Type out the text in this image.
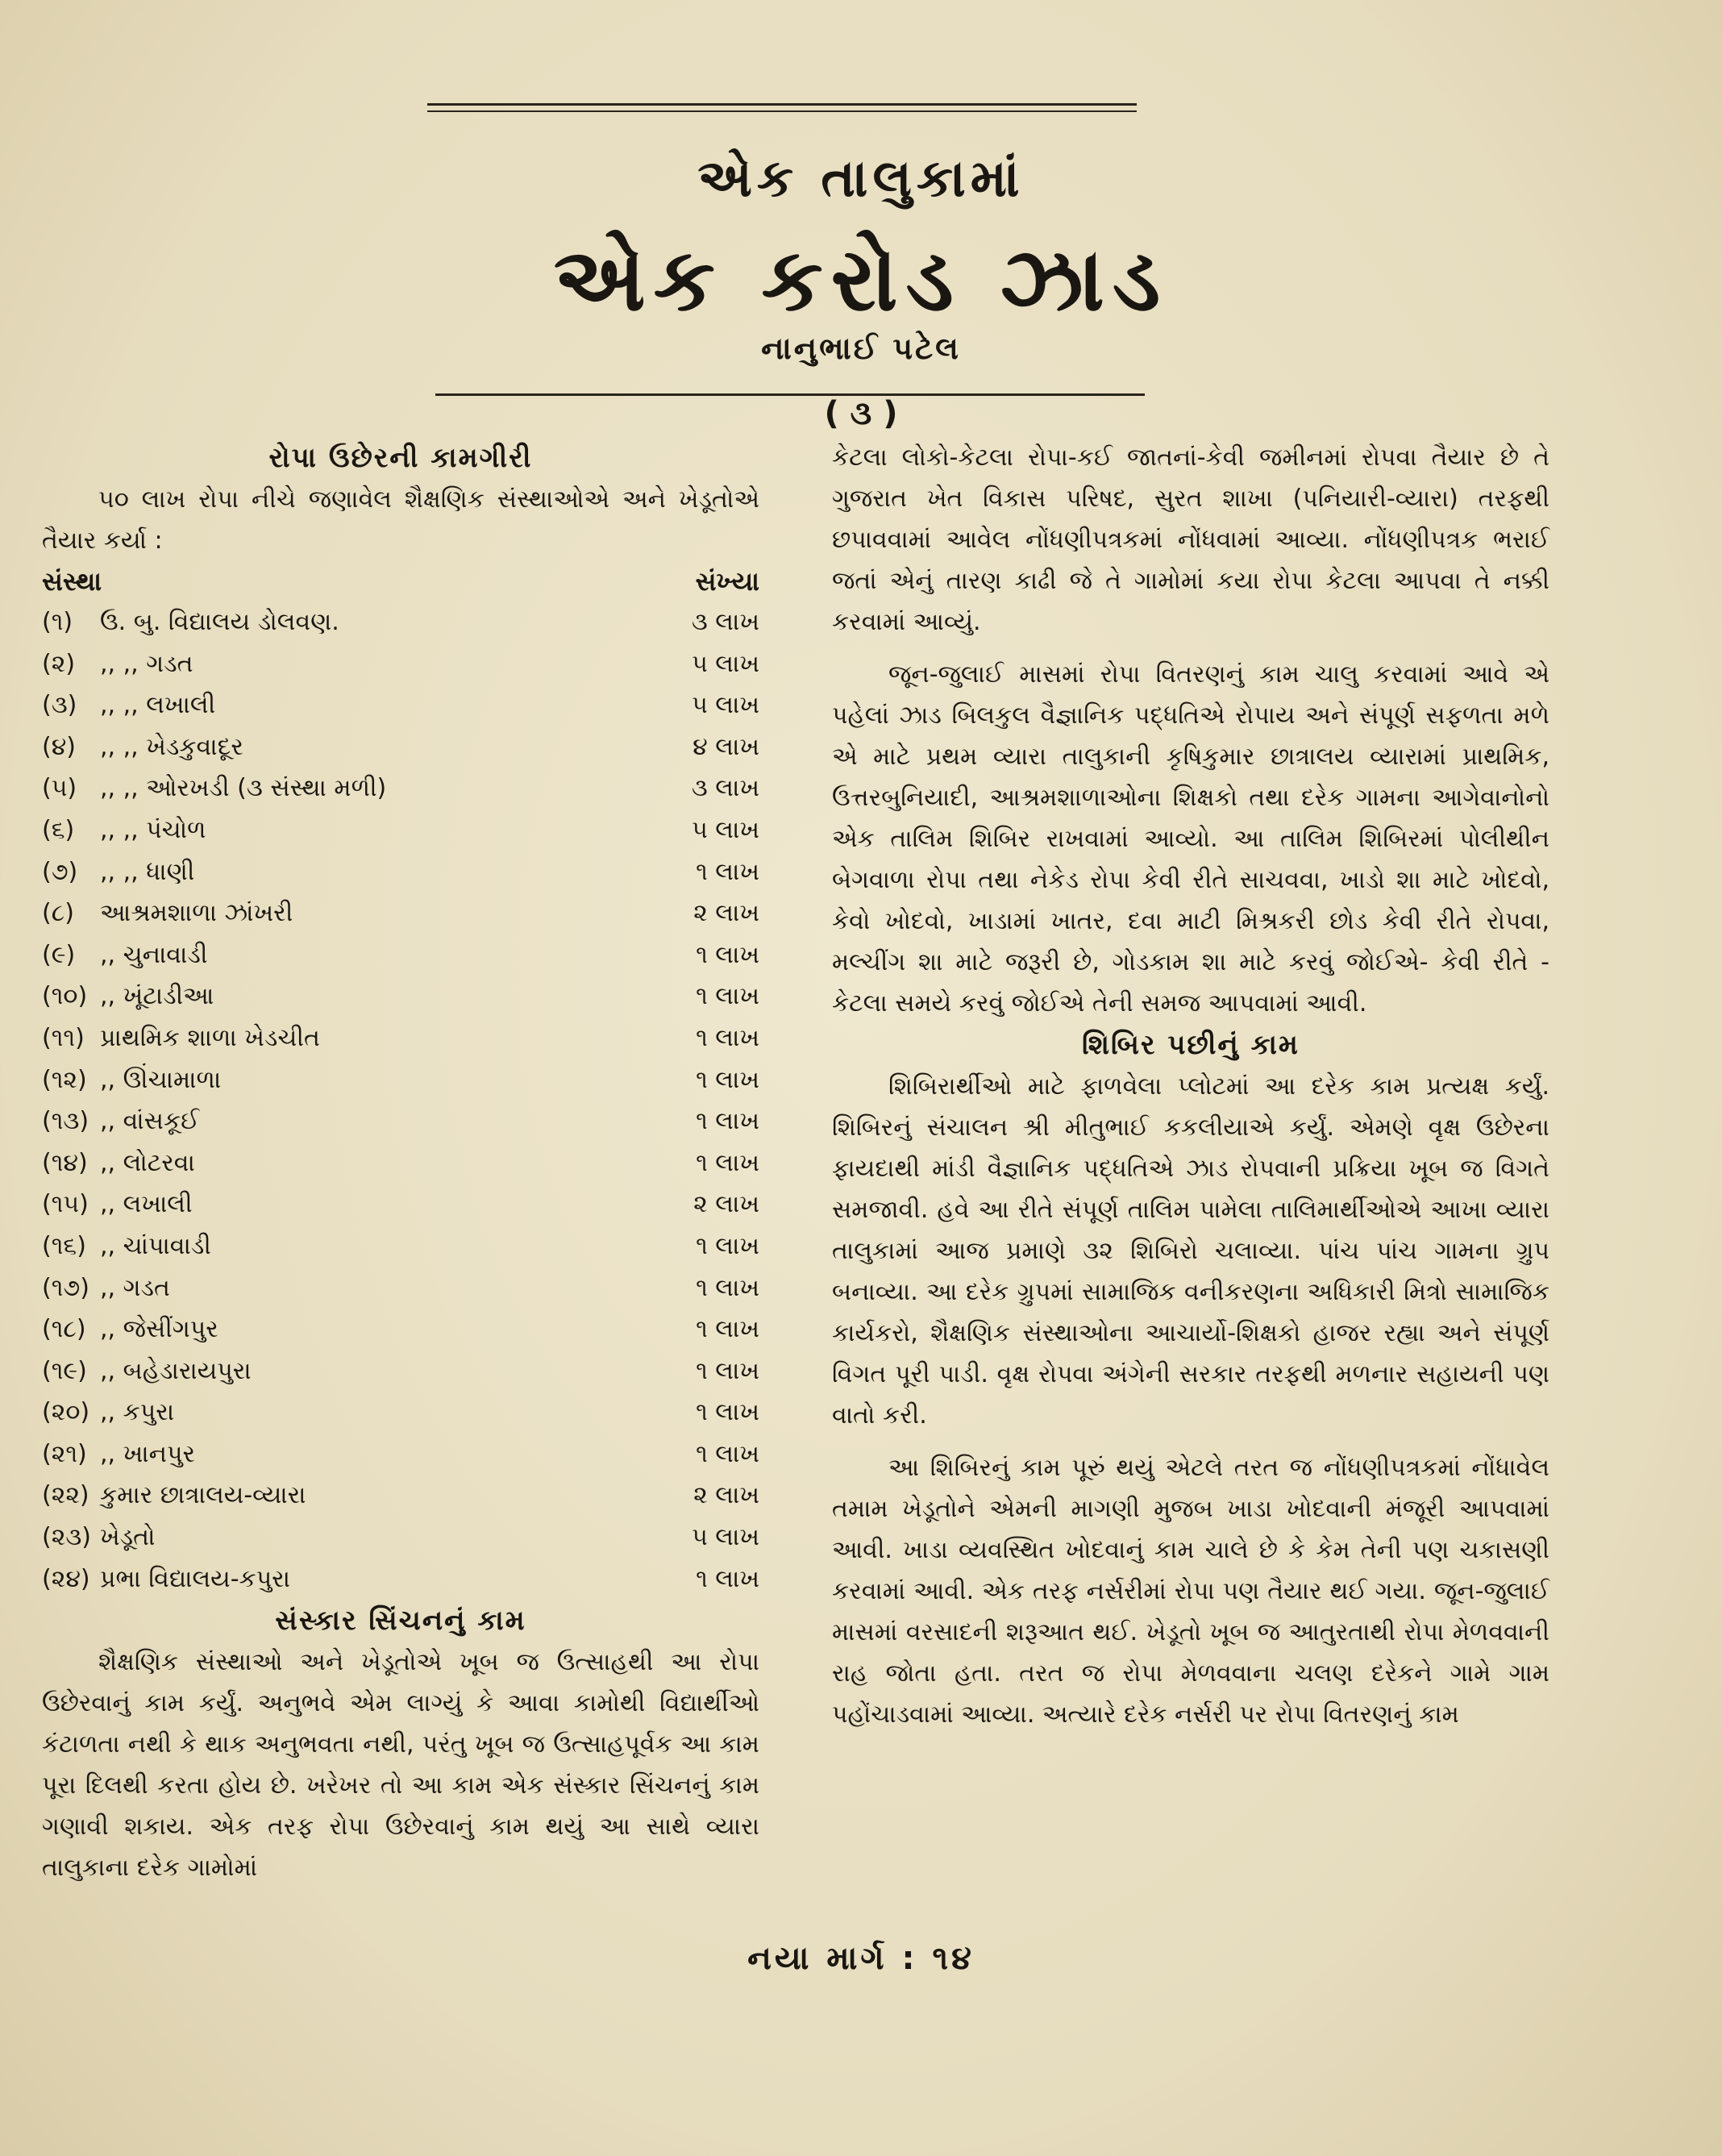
એક તાલુકામાં
એક કરોડ ઝાડ
નાનુભાઈ પટેલ
( ૩ )
રોપા ઉછેરની કામગીરી

૫૦ લાખ રોપા નીચે જણાવેલ શૈક્ષણિક સંસ્થાઓએ અને ખેડૂતોએ તૈયાર કર્યા :

સંસ્થા	સંખ્યા
(૧)	ઉ. બુ. વિદ્યાલય ડોલવણ.	૩ લાખ
(૨)	,, ,, ગડત	૫ લાખ
(૩) ,, ,, લખાલી	૫ લાખ
(૪) ,, ,, ખેડકુવાદૂર	૪ લાખ
(૫) ,, ,, ઓરખડી (૩ સંસ્થા મળી)	૩ લાખ
(૬)	,, ,, પંચોળ	૫ લાખ
(૭) ,, ,, ધાણી	૧ લાખ
(૮)	આશ્રમશાળા ઝાંખરી	૨ લાખ
(૯)	,, ચુનાવાડી	૧ લાખ
(૧૦) ,, ખૂંટાડીઆ	૧ લાખ
(૧૧) પ્રાથમિક શાળા ખેડચીત	૧ લાખ
(૧૨) ,, ઊંચામાળા	૧ લાખ
(૧૩) ,, વાંસકૂઈ	૧ લાખ
(૧૪) ,, લોટરવા	૧ લાખ
(૧૫) ,, લખાલી	૨ લાખ
(૧૬) ,, ચાંપાવાડી	૧ લાખ
(૧૭) ,, ગડત	૧ લાખ
(૧૮) ,, જેસીંગપુર	૧ લાખ
(૧૯) ,, બહેડારાયપુરા	૧ લાખ
(૨૦) ,, કપુરા	૧ લાખ
(૨૧) ,, ખાનપુર	૧ લાખ
(૨૨) કુમાર છાત્રાલય-વ્યારા	૨ લાખ
(૨૩) ખેડૂતો	૫ લાખ
(૨૪) પ્રભા વિદ્યાલય-કપુરા	૧ લાખ
સંસ્કાર સિંચનનું કામ

શૈક્ષણિક સંસ્થાઓ અને ખેડૂતોએ ખૂબ જ ઉત્સાહથી આ રોપા ઉછેરવાનું કામ કર્યું. અનુભવે એમ લાગ્યું કે આવા કામોથી વિદ્યાર્થીઓ કંટાળતા નથી કે થાક અનુભવતા નથી, પરંતુ ખૂબ જ ઉત્સાહપૂર્વક આ કામ પૂરા દિલથી કરતા હોય છે. ખરેખર તો આ કામ એક સંસ્કાર સિંચનનું કામ ગણાવી શકાય. એક તરફ રોપા ઉછેરવાનું કામ થયું આ સાથે વ્યારા તાલુકાના દરેક ગામોમાં

કેટલા લોકો-કેટલા રોપા-કઈ જાતનાં-કેવી જમીનમાં રોપવા તૈયાર છે તે ગુજરાત ખેત વિકાસ પરિષદ, સુરત શાખા (પનિયારી-વ્યારા) તરફથી છપાવવામાં આવેલ નોંધણીપત્રકમાં નોંધવામાં આવ્યા. નોંધણીપત્રક ભરાઈ જતાં એનું તારણ કાઢી જે તે ગામોમાં કયા રોપા કેટલા આપવા તે નક્કી કરવામાં આવ્યું.

જૂન-જુલાઈ માસમાં રોપા વિતરણનું કામ ચાલુ કરવામાં આવે એ પહેલાં ઝાડ બિલકુલ વૈજ્ઞાનિક પદ્ધતિએ રોપાય અને સંપૂર્ણ સફળતા મળે એ માટે પ્રથમ વ્યારા તાલુકાની કૃષિકુમાર છાત્રાલય વ્યારામાં પ્રાથમિક, ઉત્તરબુનિયાદી, આશ્રમશાળાઓના શિક્ષકો તથા દરેક ગામના આગેવાનોનો એક તાલિમ શિબિર રાખવામાં આવ્યો. આ તાલિમ શિબિરમાં પોલીથીન બેગવાળા રોપા તથા નેકેડ રોપા કેવી રીતે સાચવવા, ખાડો શા માટે ખોદવો, કેવો ખોદવો, ખાડામાં ખાતર, દવા માટી મિશ્રકરી છોડ કેવી રીતે રોપવા, મલ્ચીંગ શા માટે જરૂરી છે, ગોડકામ શા માટે કરવું જોઈએ- કેવી રીતે - કેટલા સમયે કરવું જોઈએ તેની સમજ આપવામાં આવી.

શિબિર પછીનું કામ

શિબિરાર્થીઓ માટે ફાળવેલા પ્લોટમાં આ દરેક કામ પ્રત્યક્ષ કર્યું. શિબિરનું સંચાલન શ્રી મીતુભાઈ કકલીયાએ કર્યું. એમણે વૃક્ષ ઉછેરના ફાયદાથી માંડી વૈજ્ઞાનિક પદ્ધતિએ ઝાડ રોપવાની પ્રક્રિયા ખૂબ જ વિગતે સમજાવી. હવે આ રીતે સંપૂર્ણ તાલિમ પામેલા તાલિમાર્થીઓએ આખા વ્યારા તાલુકામાં આજ પ્રમાણે ૩૨ શિબિરો ચલાવ્યા. પાંચ પાંચ ગામના ગ્રુપ બનાવ્યા. આ દરેક ગ્રુપમાં સામાજિક વનીકરણના અધિકારી મિત્રો સામાજિક કાર્યકરો, શૈક્ષણિક સંસ્થાઓના આચાર્યો-શિક્ષકો હાજર રહ્યા અને સંપૂર્ણ વિગત પૂરી પાડી. વૃક્ષ રોપવા અંગેની સરકાર તરફથી મળનાર સહાયની પણ વાતો કરી.

આ શિબિરનું કામ પૂરું થયું એટલે તરત જ નોંધણીપત્રકમાં નોંધાવેલ તમામ ખેડૂતોને એમની માગણી મુજબ ખાડા ખોદવાની મંજૂરી આપવામાં આવી. ખાડા વ્યવસ્થિત ખોદવાનું કામ ચાલે છે કે કેમ તેની પણ ચકાસણી કરવામાં આવી. એક તરફ નર્સરીમાં રોપા પણ તૈયાર થઈ ગયા. જૂન-જુલાઈ માસમાં વરસાદની શરૂઆત થઈ. ખેડૂતો ખૂબ જ આતુરતાથી રોપા મેળવવાની રાહ જોતા હતા. તરત જ રોપા મેળવવાના ચલણ દરેકને ગામે ગામ પહોંચાડવામાં આવ્યા. અત્યારે દરેક નર્સરી પર રોપા વિતરણનું કામ

નયા માર્ગ : ૧૪
